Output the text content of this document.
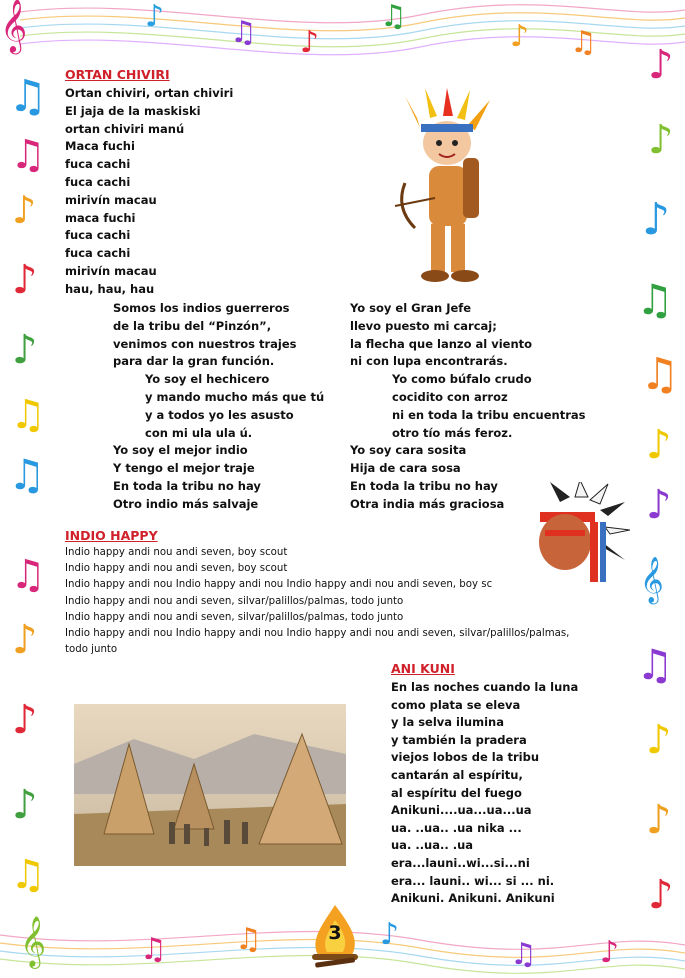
𝄞	♪ ♫ ♪
♫
♪ ♫
♫
♫
♪
♪
♪
♫
♫
♫
♪
♪
♪
♫
♪
♪
♪
♫
♫
♪
♪
𝄞
♫
♪
♪
♪
𝄞	♫ ♫	♪
♫ ♪
ORTAN CHIVIRI
Ortan chiviri, ortan chiviri
El jaja de la maskiski
ortan chiviri manú
Maca fuchi
fuca cachi
fuca cachi
mirivín macau
maca fuchi
fuca cachi
fuca cachi
mirivín macau
hau, hau, hau
Somos los indios guerreros
de la tribu del “Pinzón”,
venimos con nuestros trajes
para dar la gran función.
Yo soy el hechicero
y mando mucho más que tú
y a todos yo les asusto
con mi ula ula ú.
Yo soy el mejor indio
Y tengo el mejor traje
En toda la tribu no hay
Otro indio más salvaje
Yo soy el Gran Jefe
llevo puesto mi carcaj;
la flecha que lanzo al viento
ni con lupa encontrarás.
Yo como búfalo crudo
cocidito con arroz
ni en toda la tribu encuentras
otro tío más feroz.
Yo soy cara sosita
Hija de cara sosa
En toda la tribu no hay
Otra india más graciosa
INDIO HAPPY
Indio happy andi nou andi seven, boy scout
Indio happy andi nou andi seven, boy scout
Indio happy andi nou Indio happy andi nou Indio happy andi nou andi seven, boy sc
Indio happy andi nou andi seven, silvar/palillos/palmas, todo junto
Indio happy andi nou andi seven, silvar/palillos/palmas, todo junto
Indio happy andi nou Indio happy andi nou Indio happy andi nou andi seven, silvar/palillos/palmas,
todo junto
ANI KUNI
En las noches cuando la luna
como plata se eleva
y la selva ilumina
y también la pradera
viejos lobos de la tribu
cantarán al espíritu,
al espíritu del fuego
Anikuni....ua...ua...ua
ua. ..ua.. .ua nika ...
ua. ..ua.. .ua
era...launi..wi...si...ni
era... launi.. wi... si ... ni.
Anikuni. Anikuni. Anikuni
3
